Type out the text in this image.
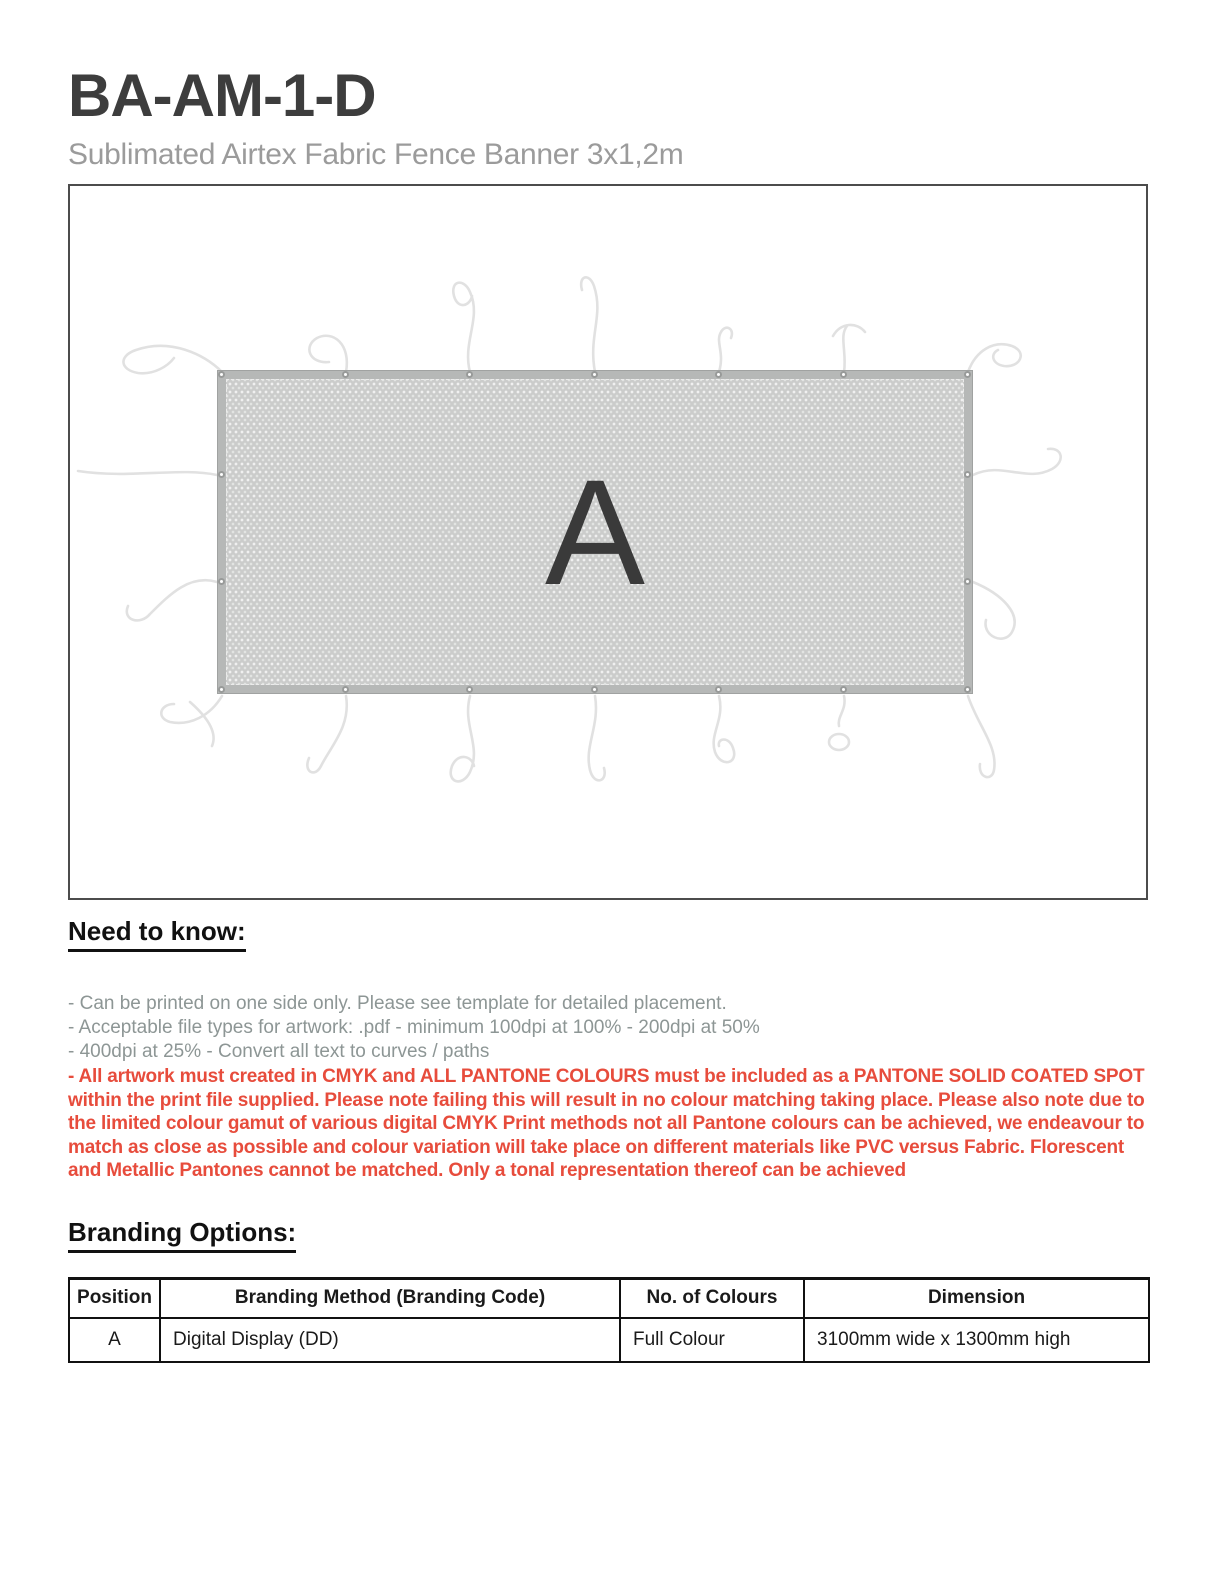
BA-AM-1-D
Sublimated Airtex Fabric Fence Banner 3x1,2m
A
Need to know:
- Can be printed on one side only. Please see template for detailed placement.
- Acceptable file types for artwork: .pdf - minimum 100dpi at 100% - 200dpi at 50%
- 400dpi at 25% - Convert all text to curves / paths
- All artwork must created in CMYK and ALL PANTONE COLOURS must be included as a PANTONE SOLID COATED SPOT within the print file supplied. Please note failing this will result in no colour matching taking place. Please also note due to the limited colour gamut of various digital CMYK Print methods not all Pantone colours can be achieved, we endeavour to match as close as possible and colour variation will take place on different materials like PVC versus Fabric. Florescent and Metallic Pantones cannot be matched. Only a tonal representation thereof can be achieved
Branding Options:
Position	Branding Method (Branding Code)	No. of Colours	Dimension
A	Digital Display (DD)	Full Colour	3100mm wide x 1300mm high
